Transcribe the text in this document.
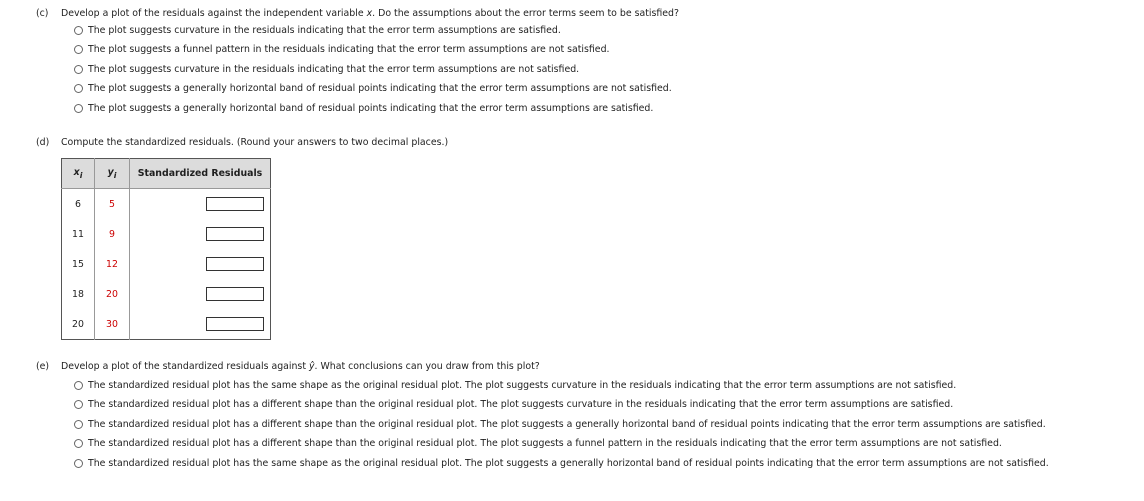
(c) Develop a plot of the residuals against the independent variable x. Do the assumptions about the error terms seem to be satisfied?
The plot suggests curvature in the residuals indicating that the error term assumptions are satisfied.
The plot suggests a funnel pattern in the residuals indicating that the error term assumptions are not satisfied.
The plot suggests curvature in the residuals indicating that the error term assumptions are not satisfied.
The plot suggests a generally horizontal band of residual points indicating that the error term assumptions are not satisfied.
The plot suggests a generally horizontal band of residual points indicating that the error term assumptions are satisfied.
(d) Compute the standardized residuals. (Round your answers to two decimal places.)
$x_i$	$y_i$	Standardized Residuals
6	5	
11	9	
15	12	
18	20	
20	30	
(e) Develop a plot of the standardized residuals against ŷ. What conclusions can you draw from this plot?
The standardized residual plot has the same shape as the original residual plot. The plot suggests curvature in the residuals indicating that the error term assumptions are not satisfied.
The standardized residual plot has a different shape than the original residual plot. The plot suggests curvature in the residuals indicating that the error term assumptions are satisfied.
The standardized residual plot has a different shape than the original residual plot. The plot suggests a generally horizontal band of residual points indicating that the error term assumptions are satisfied.
The standardized residual plot has a different shape than the original residual plot. The plot suggests a funnel pattern in the residuals indicating that the error term assumptions are not satisfied.
The standardized residual plot has the same shape as the original residual plot. The plot suggests a generally horizontal band of residual points indicating that the error term assumptions are not satisfied.
